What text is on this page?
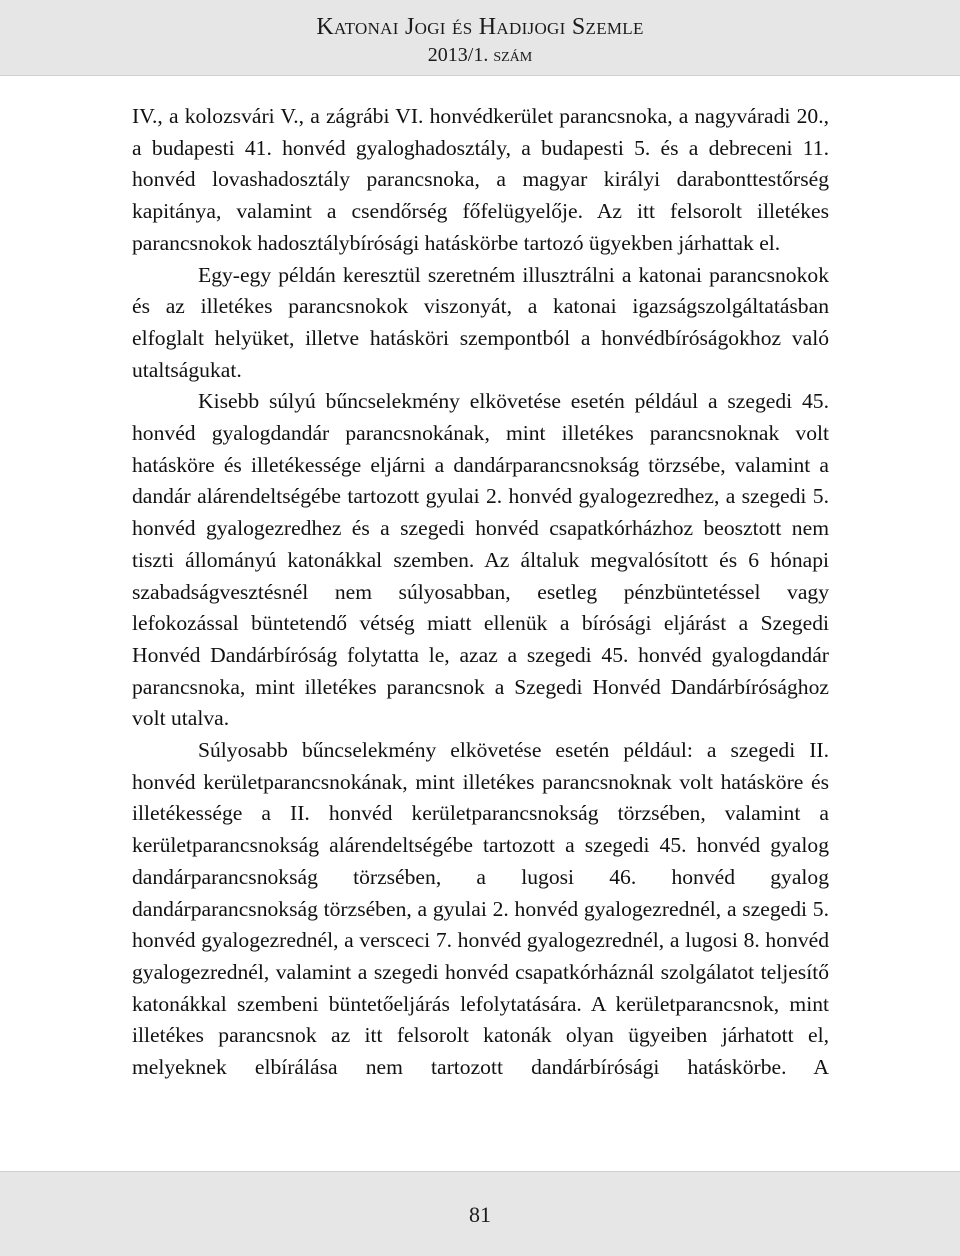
Katonai Jogi és Hadijogi Szemle
2013/1. szám

IV., a kolozsvári V., a zágrábi VI. honvédkerület parancsnoka, a nagyváradi 20., a budapesti 41. honvéd gyaloghadosztály, a budapesti 5. és a debreceni 11. honvéd lovashadosztály parancsnoka, a magyar királyi darabonttestőrség kapitánya, valamint a csendőrség főfelügyelője. Az itt felsorolt illetékes parancsnokok hadosztálybírósági hatáskörbe tartozó ügyekben járhattak el.

Egy-egy példán keresztül szeretném illusztrálni a katonai parancsnokok és az illetékes parancsnokok viszonyát, a katonai igazságszolgáltatásban elfoglalt helyüket, illetve hatásköri szempontból a honvédbíróságokhoz való utaltságukat.

Kisebb súlyú bűncselekmény elkövetése esetén például a szegedi 45. honvéd gyalogdandár parancsnokának, mint illetékes parancsnoknak volt hatásköre és illetékessége eljárni a dandárparancsnokság törzsébe, valamint a dandár alárendeltségébe tartozott gyulai 2. honvéd gyalogezredhez, a szegedi 5. honvéd gyalogezredhez és a szegedi honvéd csapatkórházhoz beosztott nem tiszti állományú katonákkal szemben. Az általuk megvalósított és 6 hónapi szabadságvesztésnél nem súlyosabban, esetleg pénzbüntetéssel vagy lefokozással büntetendő vétség miatt ellenük a bírósági eljárást a Szegedi Honvéd Dandárbíróság folytatta le, azaz a szegedi 45. honvéd gyalogdandár parancsnoka, mint illetékes parancsnok a Szegedi Honvéd Dandárbírósághoz volt utalva.

Súlyosabb bűncselekmény elkövetése esetén például: a szegedi II. honvéd kerületparancsnokának, mint illetékes parancsnoknak volt hatásköre és illetékessége a II. honvéd kerületparancsnokság törzsében, valamint a kerületparancsnokság alárendeltségébe tartozott a szegedi 45. honvéd gyalog dandárparancsnokság törzsében, a lugosi 46. honvéd gyalog dandárparancsnokság törzsében, a gyulai 2. honvéd gyalogezrednél, a szegedi 5. honvéd gyalogezrednél, a versceci 7. honvéd gyalogezrednél, a lugosi 8. honvéd gyalogezrednél, valamint a szegedi honvéd csapatkórháznál szolgálatot teljesítő katonákkal szembeni büntetőeljárás lefolytatására. A kerületparancsnok, mint illetékes parancsnok az itt felsorolt katonák olyan ügyeiben járhatott el, melyeknek elbírálása nem tartozott dandárbírósági hatáskörbe. A

81
